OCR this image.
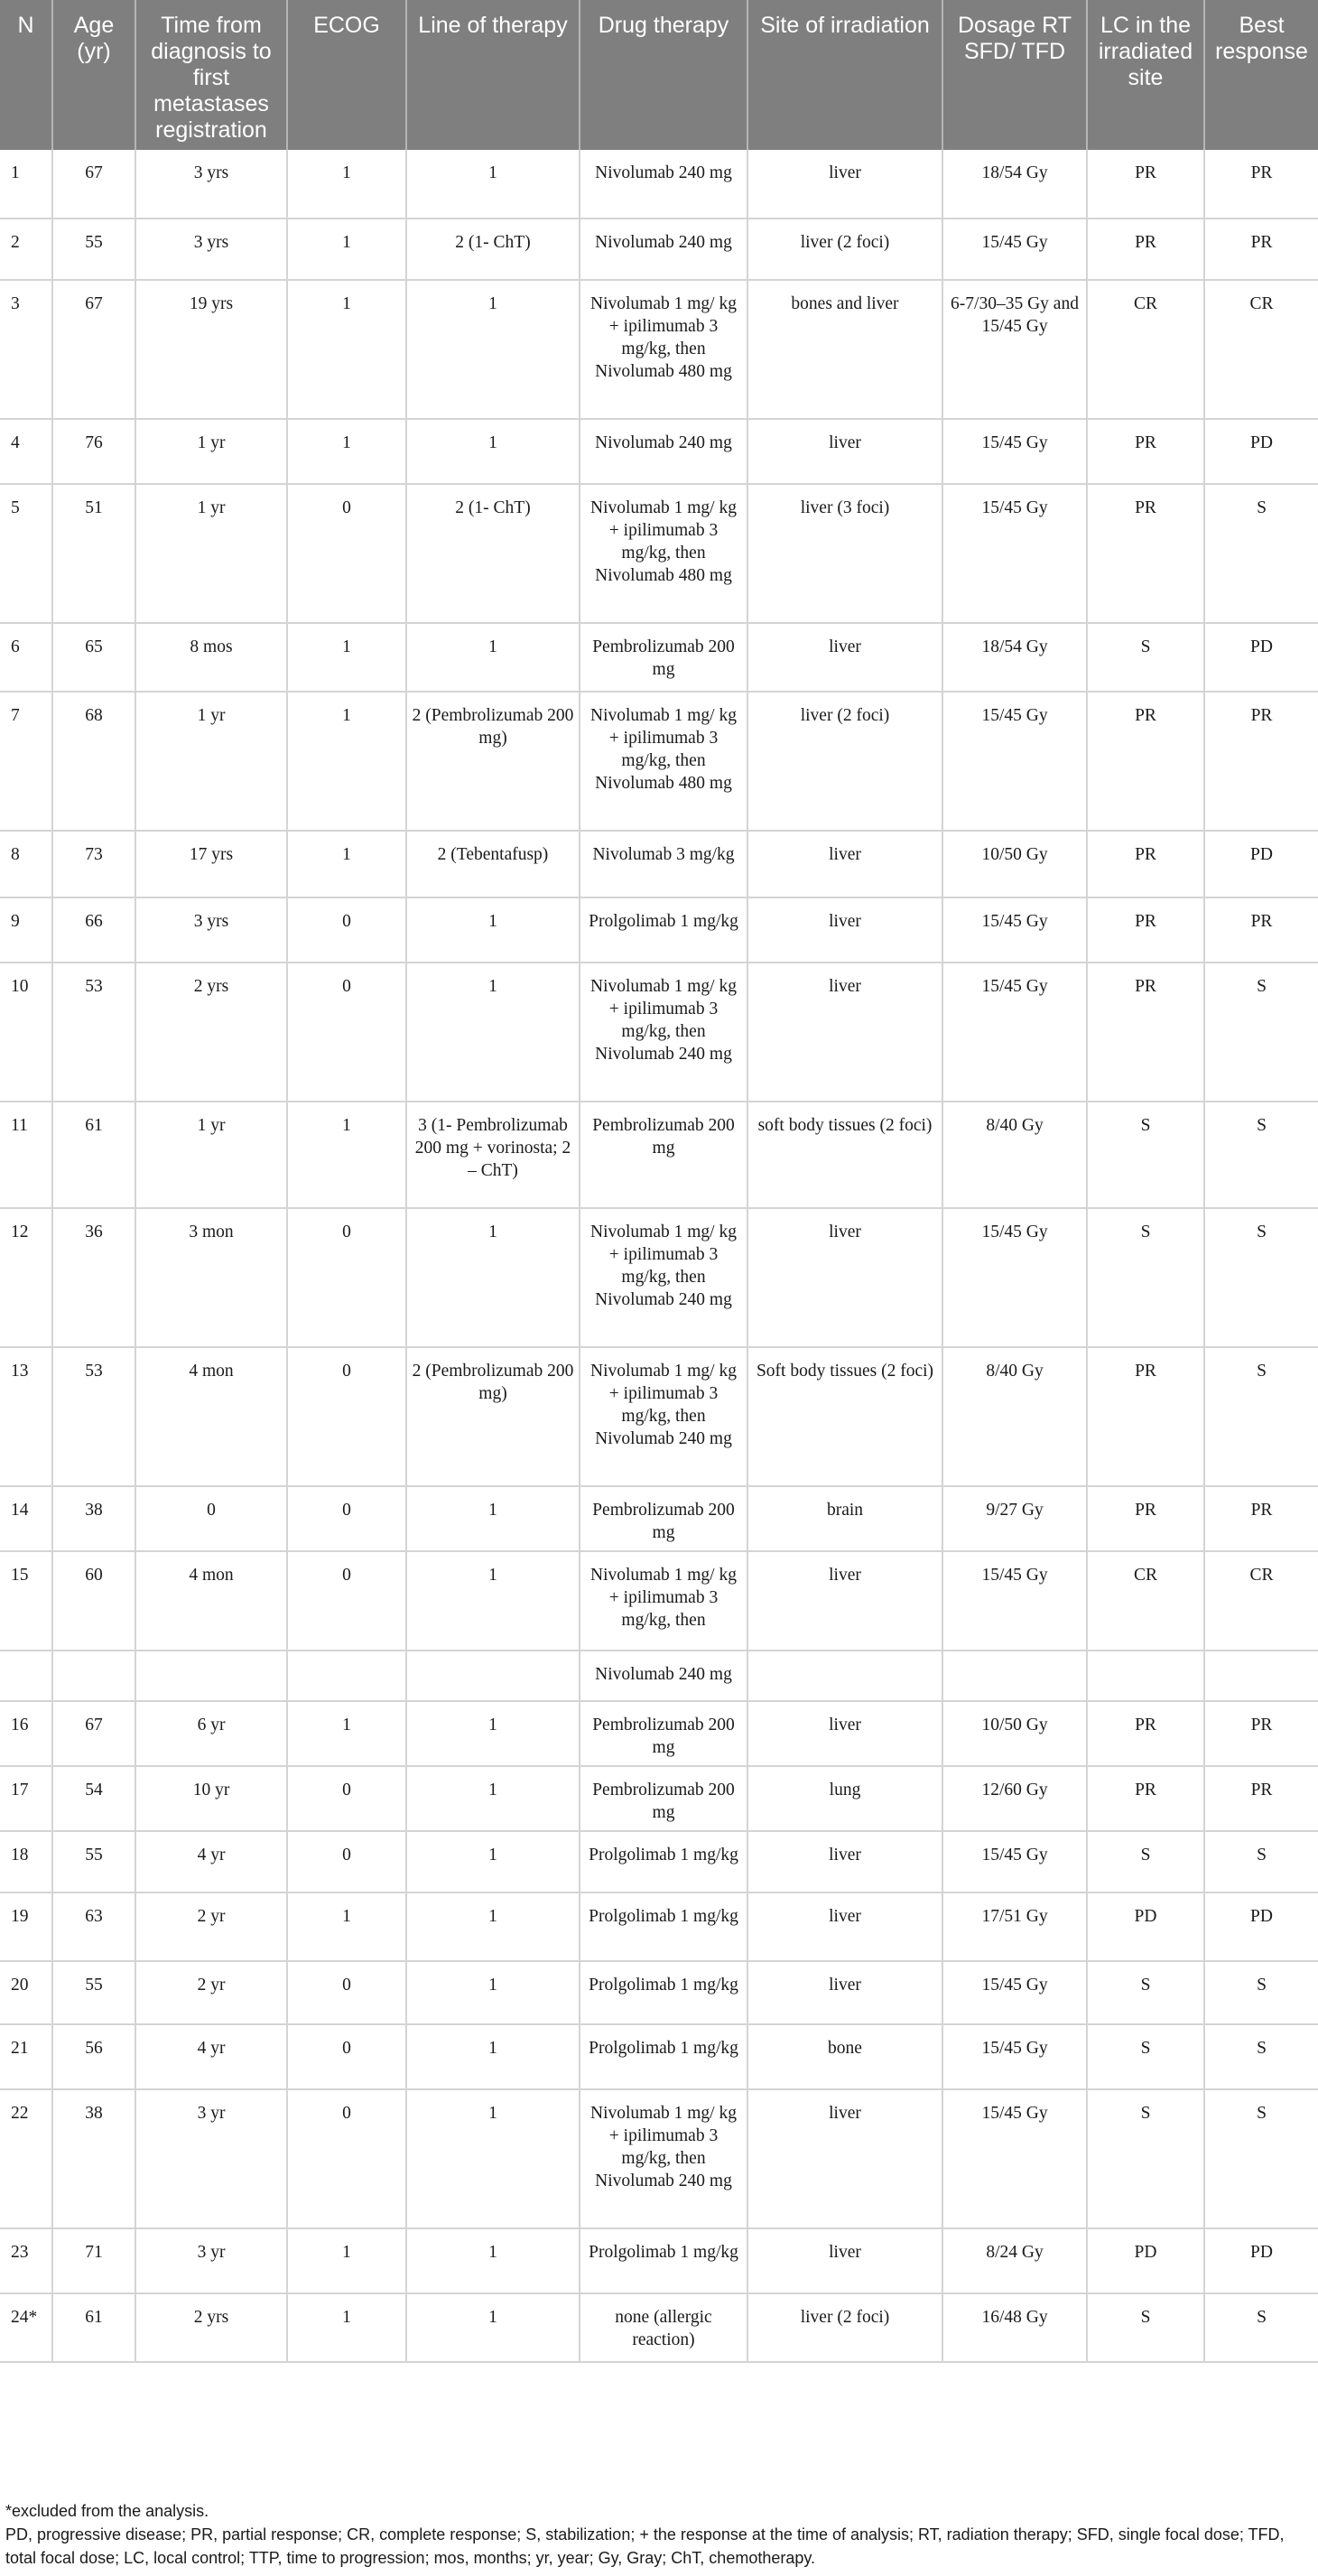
N	Age (yr)	Time from diagnosis to first metastases registration	ECOG	Line of therapy	Drug therapy	Site of irradiation	Dosage RT SFD/ TFD	LC in the irradiated site	Best response
1	67	3 yrs	1	1	Nivolumab 240 mg	liver	18/54 Gy	PR	PR
2	55	3 yrs	1	2 (1- ChT)	Nivolumab 240 mg	liver (2 foci)	15/45 Gy	PR	PR
3	67	19 yrs	1	1	Nivolumab 1 mg/ kg + ipilimumab 3 mg/kg, then Nivolumab 480 mg	bones and liver	6-7/30–35 Gy and 15/45 Gy	CR	CR
4	76	1 yr	1	1	Nivolumab 240 mg	liver	15/45 Gy	PR	PD
5	51	1 yr	0	2 (1- ChT)	Nivolumab 1 mg/ kg + ipilimumab 3 mg/kg, then Nivolumab 480 mg	liver (3 foci)	15/45 Gy	PR	S
6	65	8 mos	1	1	Pembrolizumab 200 mg	liver	18/54 Gy	S	PD
7	68	1 yr	1	2 (Pembrolizumab 200 mg)	Nivolumab 1 mg/ kg + ipilimumab 3 mg/kg, then Nivolumab 480 mg	liver (2 foci)	15/45 Gy	PR	PR
8	73	17 yrs	1	2 (Tebentafusp)	Nivolumab 3 mg/kg	liver	10/50 Gy	PR	PD
9	66	3 yrs	0	1	Prolgolimab 1 mg/kg	liver	15/45 Gy	PR	PR
10	53	2 yrs	0	1	Nivolumab 1 mg/ kg + ipilimumab 3 mg/kg, then Nivolumab 240 mg	liver	15/45 Gy	PR	S
11	61	1 yr	1	3 (1- Pembrolizumab 200 mg + vorinosta; 2 – ChT)	Pembrolizumab 200 mg	soft body tissues (2 foci)	8/40 Gy	S	S
12	36	3 mon	0	1	Nivolumab 1 mg/ kg + ipilimumab 3 mg/kg, then Nivolumab 240 mg	liver	15/45 Gy	S	S
13	53	4 mon	0	2 (Pembrolizumab 200 mg)	Nivolumab 1 mg/ kg + ipilimumab 3 mg/kg, then Nivolumab 240 mg	Soft body tissues (2 foci)	8/40 Gy	PR	S
14	38	0	0	1	Pembrolizumab 200 mg	brain	9/27 Gy	PR	PR
15	60	4 mon	0	1	Nivolumab 1 mg/ kg + ipilimumab 3 mg/kg, then	liver	15/45 Gy	CR	CR
					Nivolumab 240 mg				
16	67	6 yr	1	1	Pembrolizumab 200 mg	liver	10/50 Gy	PR	PR
17	54	10 yr	0	1	Pembrolizumab 200 mg	lung	12/60 Gy	PR	PR
18	55	4 yr	0	1	Prolgolimab 1 mg/kg	liver	15/45 Gy	S	S
19	63	2 yr	1	1	Prolgolimab 1 mg/kg	liver	17/51 Gy	PD	PD
20	55	2 yr	0	1	Prolgolimab 1 mg/kg	liver	15/45 Gy	S	S
21	56	4 yr	0	1	Prolgolimab 1 mg/kg	bone	15/45 Gy	S	S
22	38	3 yr	0	1	Nivolumab 1 mg/ kg + ipilimumab 3 mg/kg, then Nivolumab 240 mg	liver	15/45 Gy	S	S
23	71	3 yr	1	1	Prolgolimab 1 mg/kg	liver	8/24 Gy	PD	PD
24*	61	2 yrs	1	1	none (allergic reaction)	liver (2 foci)	16/48 Gy	S	S
*excluded from the analysis.
PD, progressive disease; PR, partial response; CR, complete response; S, stabilization; + the response at the time of analysis; RT, radiation therapy; SFD, single focal dose; TFD, total focal dose; LC, local control; TTP, time to progression; mos, months; yr, year; Gy, Gray; ChT, chemotherapy.
